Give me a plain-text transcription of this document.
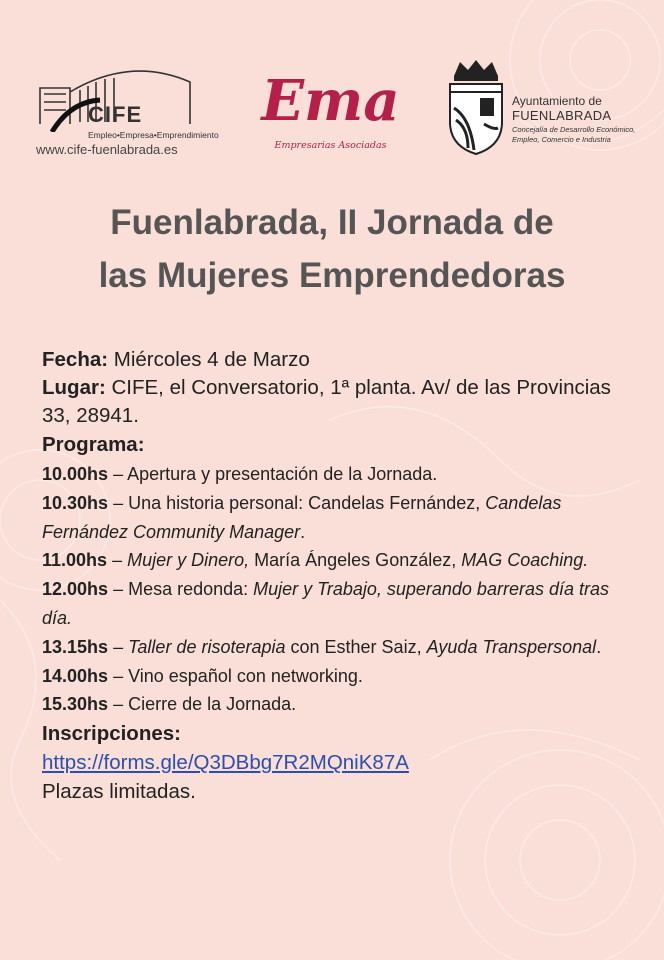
CIFE
Empleo•Empresa•Emprendimiento
www.cife-fuenlabrada.es
Ema
Empresarias Asociadas
Ayuntamiento de
FUENLABRADA
Concejalía de Desarrollo Económico, Empleo, Comercio e Industria
Fuenlabrada, II Jornada de
las Mujeres Emprendedoras
Fecha: Miércoles 4 de Marzo
Lugar: CIFE, el Conversatorio, 1ª planta. Av/ de las Provincias 33, 28941.
Programa:
10.00hs – Apertura y presentación de la Jornada.
10.30hs – Una historia personal: Candelas Fernández, Candelas Fernández Community Manager.
11.00hs – Mujer y Dinero, María Ángeles González, MAG Coaching.
12.00hs – Mesa redonda: Mujer y Trabajo, superando barreras día tras día.
13.15hs – Taller de risoterapia con Esther Saiz, Ayuda Transpersonal.
14.00hs – Vino español con networking.
15.30hs – Cierre de la Jornada.
Inscripciones:
https://forms.gle/Q3DBbg7R2MQniK87A
Plazas limitadas.
